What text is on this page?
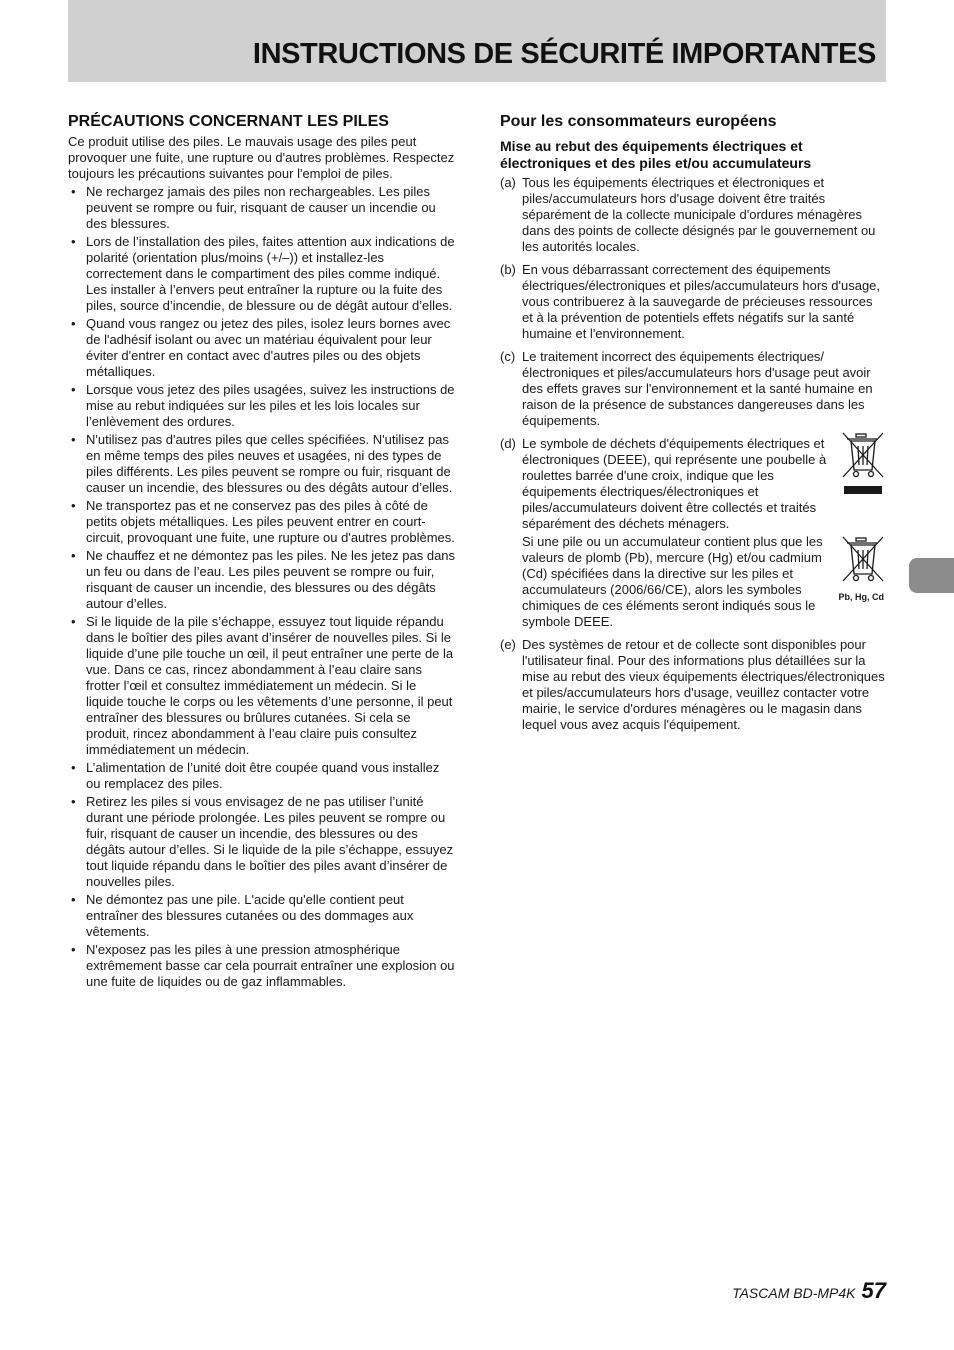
INSTRUCTIONS DE SÉCURITÉ IMPORTANTES
PRÉCAUTIONS CONCERNANT LES PILES

Ce produit utilise des piles. Le mauvais usage des piles peut provoquer une fuite, une rupture ou d'autres problèmes. Respectez toujours les précautions suivantes pour l'emploi de piles.

• Ne rechargez jamais des piles non rechargeables. Les piles peuvent se rompre ou fuir, risquant de causer un incendie ou des blessures.
• Lors de l’installation des piles, faites attention aux indications de polarité (orientation plus/moins (+/–)) et installez-les correctement dans le compartiment des piles comme indiqué. Les installer à l’envers peut entraîner la rupture ou la fuite des piles, source d’incendie, de blessure ou de dégât autour d’elles.
• Quand vous rangez ou jetez des piles, isolez leurs bornes avec de l'adhésif isolant ou avec un matériau équivalent pour leur éviter d'entrer en contact avec d'autres piles ou des objets métalliques.
• Lorsque vous jetez des piles usagées, suivez les instructions de mise au rebut indiquées sur les piles et les lois locales sur l’enlèvement des ordures.
• N'utilisez pas d'autres piles que celles spécifiées. N'utilisez pas en même temps des piles neuves et usagées, ni des types de piles différents. Les piles peuvent se rompre ou fuir, risquant de causer un incendie, des blessures ou des dégâts autour d’elles.
• Ne transportez pas et ne conservez pas des piles à côté de petits objets métalliques. Les piles peuvent entrer en court-circuit, provoquant une fuite, une rupture ou d'autres problèmes.
• Ne chauffez et ne démontez pas les piles. Ne les jetez pas dans un feu ou dans de l’eau. Les piles peuvent se rompre ou fuir, risquant de causer un incendie, des blessures ou des dégâts autour d’elles.
• Si le liquide de la pile s’échappe, essuyez tout liquide répandu dans le boîtier des piles avant d’insérer de nouvelles piles. Si le liquide d’une pile touche un œil, il peut entraîner une perte de la vue. Dans ce cas, rincez abondamment à l’eau claire sans frotter l’œil et consultez immédiatement un médecin. Si le liquide touche le corps ou les vêtements d’une personne, il peut entraîner des blessures ou brûlures cutanées. Si cela se produit, rincez abondamment à l’eau claire puis consultez immédiatement un médecin.
• L’alimentation de l’unité doit être coupée quand vous installez ou remplacez des piles.
• Retirez les piles si vous envisagez de ne pas utiliser l’unité durant une période prolongée. Les piles peuvent se rompre ou fuir, risquant de causer un incendie, des blessures ou des dégâts autour d’elles. Si le liquide de la pile s’échappe, essuyez tout liquide répandu dans le boîtier des piles avant d’insérer de nouvelles piles.
• Ne démontez pas une pile. L'acide qu'elle contient peut entraîner des blessures cutanées ou des dommages aux vêtements.
• N'exposez pas les piles à une pression atmosphérique extrêmement basse car cela pourrait entraîner une explosion ou une fuite de liquides ou de gaz inflammables.
Pour les consommateurs européens
Mise au rebut des équipements électriques et électroniques et des piles et/ou accumulateurs
(a) Tous les équipements électriques et électroniques et piles/accumulateurs hors d'usage doivent être traités séparément de la collecte municipale d'ordures ménagères dans des points de collecte désignés par le gouvernement ou les autorités locales.
(b) En vous débarrassant correctement des équipements électriques/électroniques et piles/accumulateurs hors d'usage, vous contribuerez à la sauvegarde de précieuses ressources et à la prévention de potentiels effets négatifs sur la santé humaine et l'environnement.
(c) Le traitement incorrect des équipements électriques/électroniques et piles/accumulateurs hors d'usage peut avoir des effets graves sur l'environnement et la santé humaine en raison de la présence de substances dangereuses dans les équipements.
(d) Le symbole de déchets d'équipements électriques et électroniques (DEEE), qui représente une poubelle à roulettes barrée d'une croix, indique que les équipements électriques/électroniques et piles/accumulateurs doivent être collectés et traités séparément des déchets ménagers.

Si une pile ou un accumulateur contient plus que les valeurs de plomb (Pb), mercure (Hg) et/ou cadmium (Cd) spécifiées dans la directive sur les piles et accumulateurs (2006/66/CE), alors les symboles chimiques de ces éléments seront indiqués sous le symbole DEEE.

Pb, Hg, Cd
(e) Des systèmes de retour et de collecte sont disponibles pour l'utilisateur final. Pour des informations plus détaillées sur la mise au rebut des vieux équipements électriques/électroniques et piles/accumulateurs hors d'usage, veuillez contacter votre mairie, le service d'ordures ménagères ou le magasin dans lequel vous avez acquis l'équipement.
TASCAM BD-MP4K 57
